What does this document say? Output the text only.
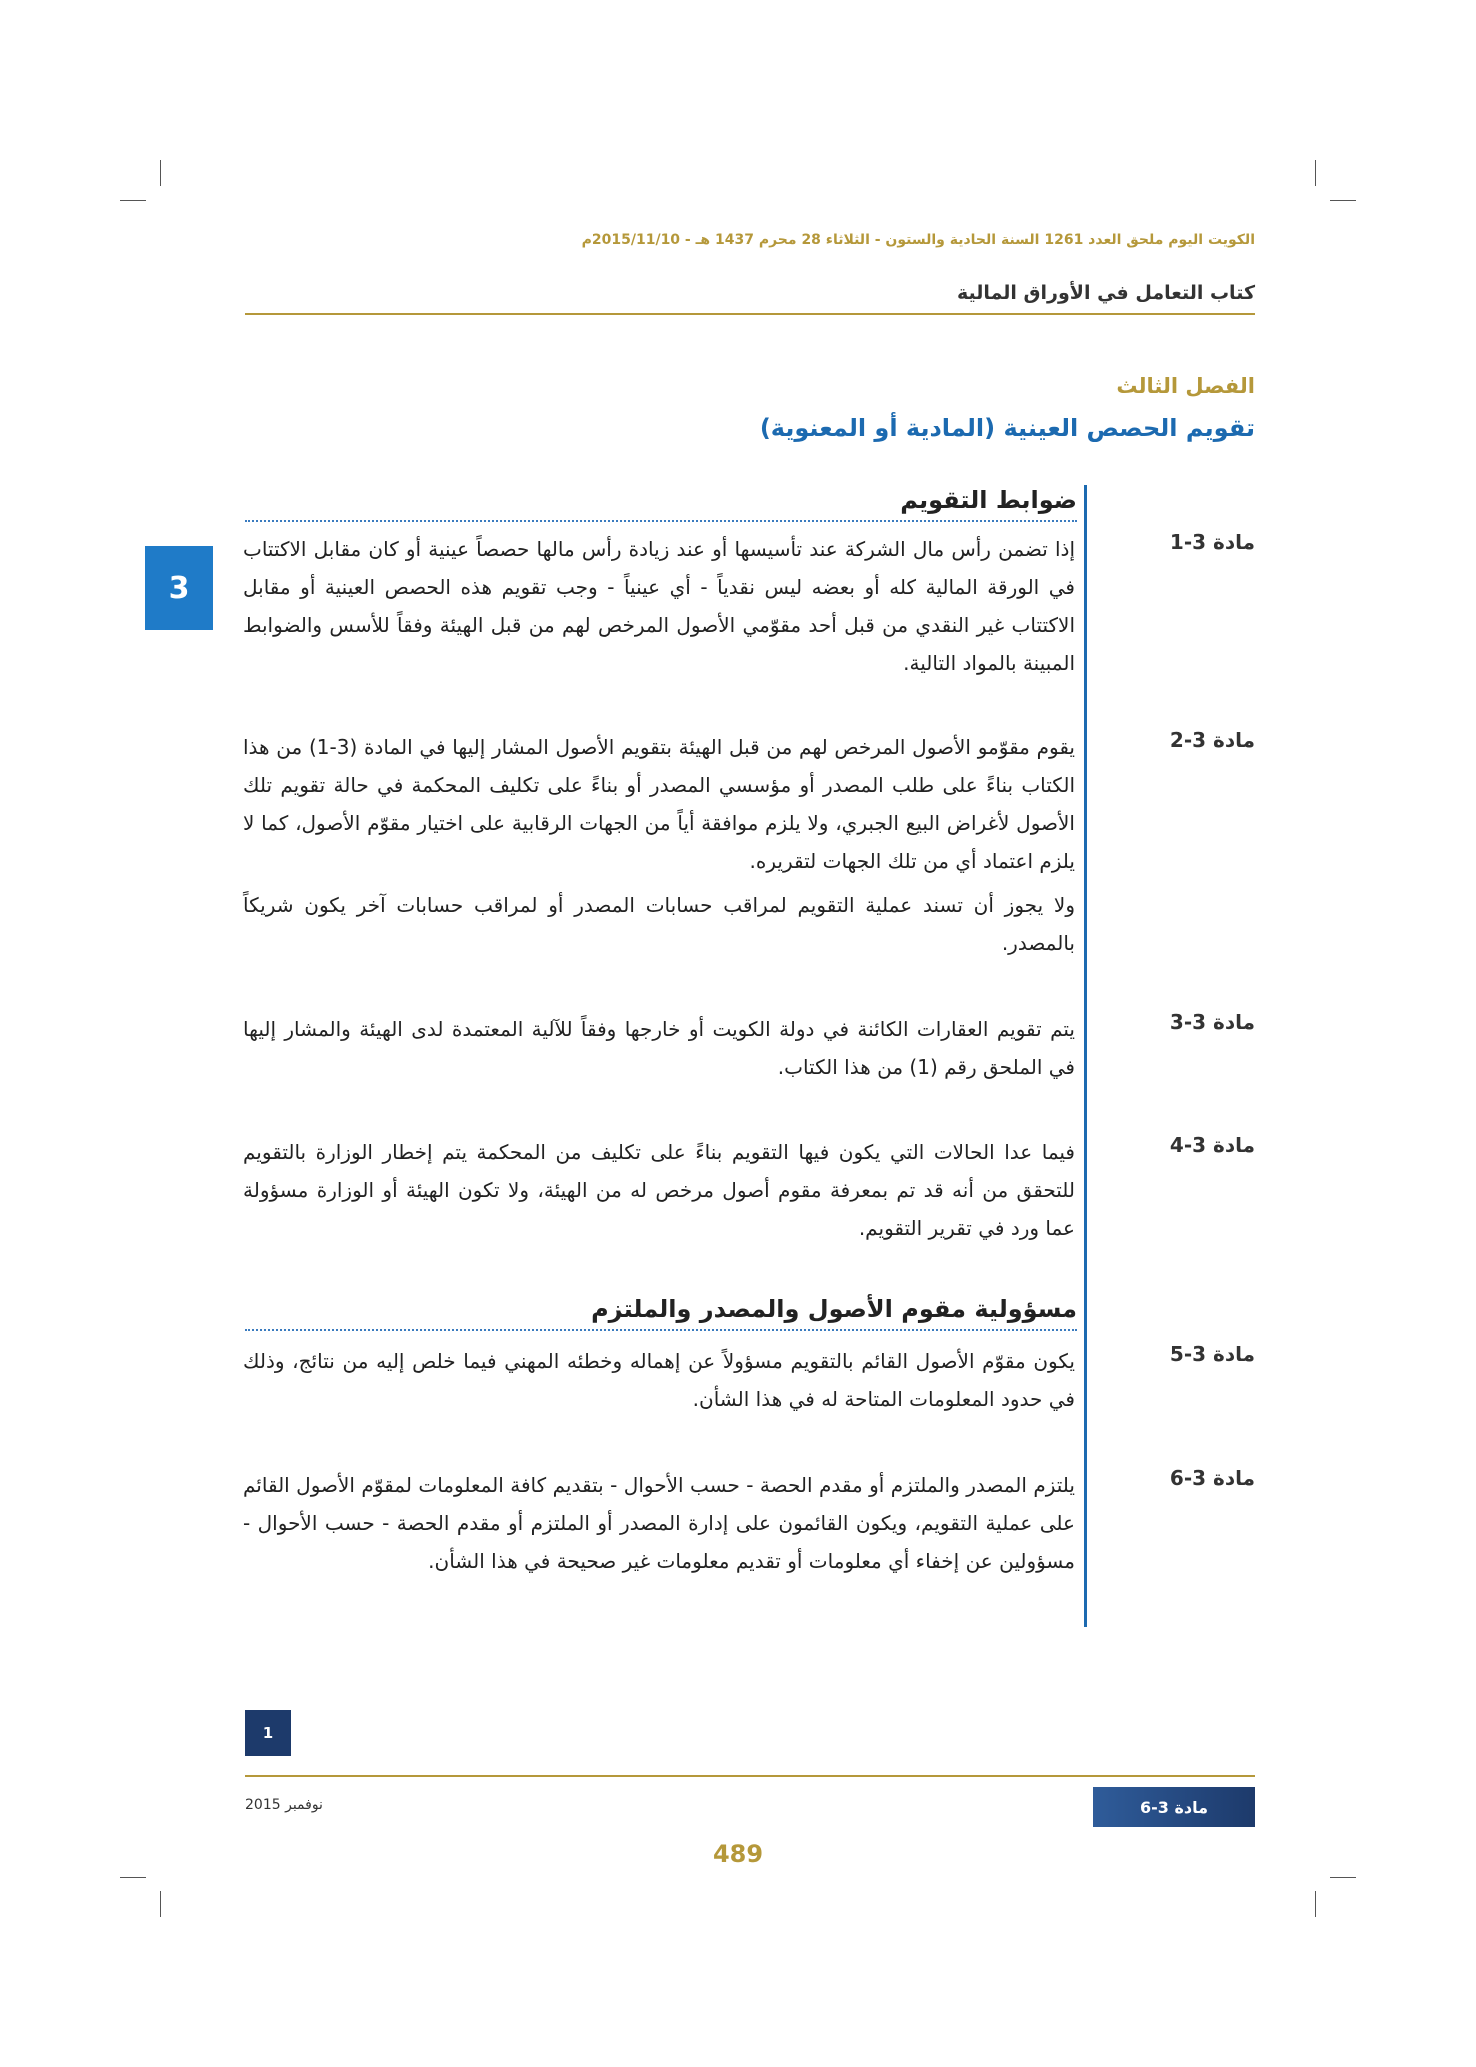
الكويت اليوم ملحق العدد 1261 السنة الحادية والستون - الثلاثاء 28 محرم 1437 هـ - 2015/11/10م
كتاب التعامل في الأوراق المالية
الفصل الثالث
تقويم الحصص العينية (المادية أو المعنوية)
3
ضوابط التقويم
مادة 3-1

إذا تضمن رأس مال الشركة عند تأسيسها أو عند زيادة رأس مالها حصصاً عينية أو كان مقابل الاكتتاب في الورقة المالية كله أو بعضه ليس نقدياً - أي عينياً - وجب تقويم هذه الحصص العينية أو مقابل الاكتتاب غير النقدي من قبل أحد مقوّمي الأصول المرخص لهم من قبل الهيئة وفقاً للأسس والضوابط المبينة بالمواد التالية.

مادة 3-2

يقوم مقوّمو الأصول المرخص لهم من قبل الهيئة بتقويم الأصول المشار إليها في المادة (3-1) من هذا الكتاب بناءً على طلب المصدر أو مؤسسي المصدر أو بناءً على تكليف المحكمة في حالة تقويم تلك الأصول لأغراض البيع الجبري، ولا يلزم موافقة أياً من الجهات الرقابية على اختيار مقوّم الأصول، كما لا يلزم اعتماد أي من تلك الجهات لتقريره.

ولا يجوز أن تسند عملية التقويم لمراقب حسابات المصدر أو لمراقب حسابات آخر يكون شريكاً بالمصدر.

مادة 3-3

يتم تقويم العقارات الكائنة في دولة الكويت أو خارجها وفقاً للآلية المعتمدة لدى الهيئة والمشار إليها في الملحق رقم (1) من هذا الكتاب.

مادة 3-4

فيما عدا الحالات التي يكون فيها التقويم بناءً على تكليف من المحكمة يتم إخطار الوزارة بالتقويم للتحقق من أنه قد تم بمعرفة مقوم أصول مرخص له من الهيئة، ولا تكون الهيئة أو الوزارة مسؤولة عما ورد في تقرير التقويم.

مسؤولية مقوم الأصول والمصدر والملتزم
مادة 3-5

يكون مقوّم الأصول القائم بالتقويم مسؤولاً عن إهماله وخطئه المهني فيما خلص إليه من نتائج، وذلك في حدود المعلومات المتاحة له في هذا الشأن.

مادة 3-6

يلتزم المصدر والملتزم أو مقدم الحصة - حسب الأحوال - بتقديم كافة المعلومات لمقوّم الأصول القائم على عملية التقويم، ويكون القائمون على إدارة المصدر أو الملتزم أو مقدم الحصة - حسب الأحوال - مسؤولين عن إخفاء أي معلومات أو تقديم معلومات غير صحيحة في هذا الشأن.

1
نوفمبر 2015	مادة 3-6
489
